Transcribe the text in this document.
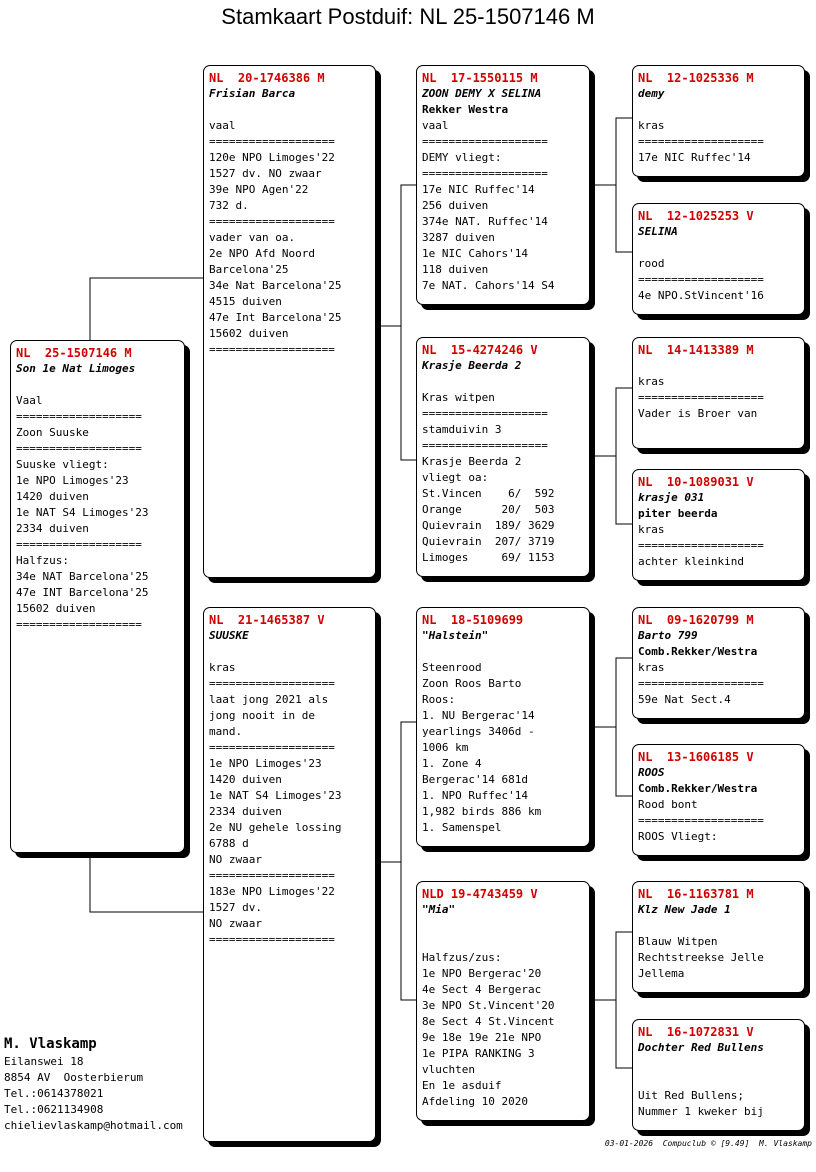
Stamkaart Postduif: NL 25-1507146 M
NL  25-1507146 M
Son 1e Nat Limoges
Vaal
===================
Zoon Suuske
===================
Suuske vliegt:
1e NPO Limoges'23
1420 duiven
1e NAT S4 Limoges'23
2334 duiven
===================
Halfzus:
34e NAT Barcelona'25
47e INT Barcelona'25
15602 duiven
===================
NL  20-1746386 M
Frisian Barca
vaal
===================
120e NPO Limoges'22
1527 dv. NO zwaar
39e NPO Agen'22
732 d.
===================
vader van oa.
2e NPO Afd Noord
Barcelona'25
34e Nat Barcelona'25
4515 duiven
47e Int Barcelona'25
15602 duiven
===================
NL  21-1465387 V
SUUSKE
kras
===================
laat jong 2021 als
jong nooit in de
mand.
===================
1e NPO Limoges'23
1420 duiven
1e NAT S4 Limoges'23
2334 duiven
2e NU gehele lossing
6788 d
NO zwaar
===================
183e NPO Limoges'22
1527 dv.
NO zwaar
===================
NL  17-1550115 M
ZOON DEMY X SELINA
Rekker Westra
vaal
===================
DEMY vliegt:
===================
17e NIC Ruffec'14
256 duiven
374e NAT. Ruffec'14
3287 duiven
1e NIC Cahors'14
118 duiven
7e NAT. Cahors'14 S4
NL  15-4274246 V
Krasje Beerda 2
Kras witpen
===================
stamduivin 3
===================
Krasje Beerda 2
vliegt oa:
St.Vincen    6/  592
Orange      20/  503
Quievrain  189/ 3629
Quievrain  207/ 3719
Limoges     69/ 1153
NL  18-5109699
"Halstein"
Steenrood
Zoon Roos Barto
Roos:
1. NU Bergerac'14
yearlings 3406d -
1006 km
1. Zone 4
Bergerac'14 681d
1. NPO Ruffec'14
1,982 birds 886 km
1. Samenspel
NLD 19-4743459 V
"Mia"
Halfzus/zus:
1e NPO Bergerac'20
4e Sect 4 Bergerac
3e NPO St.Vincent'20
8e Sect 4 St.Vincent
9e 18e 19e 21e NPO
1e PIPA RANKING 3
vluchten
En 1e asduif
Afdeling 10 2020
NL  12-1025336 M
demy
kras
===================
17e NIC Ruffec'14
NL  12-1025253 V
SELINA
rood
===================
4e NPO.StVincent'16
NL  14-1413389 M
kras
===================
Vader is Broer van
NL  10-1089031 V
krasje 031
piter beerda
kras
===================
achter kleinkind
NL  09-1620799 M
Barto 799
Comb.Rekker/Westra
kras
===================
59e Nat Sect.4
NL  13-1606185 V
ROOS
Comb.Rekker/Westra
Rood bont
===================
ROOS Vliegt:
NL  16-1163781 M
Klz New Jade 1
Blauw Witpen
Rechtstreekse Jelle
Jellema
NL  16-1072831 V
Dochter Red Bullens
Uit Red Bullens;
Nummer 1 kweker bij
M. Vlaskamp
Eilanswei 18
8854 AV  Oosterbierum
Tel.:0614378021
Tel.:0621134908
chielievlaskamp@hotmail.com
03-01-2026  Compuclub © [9.49]  M. Vlaskamp
